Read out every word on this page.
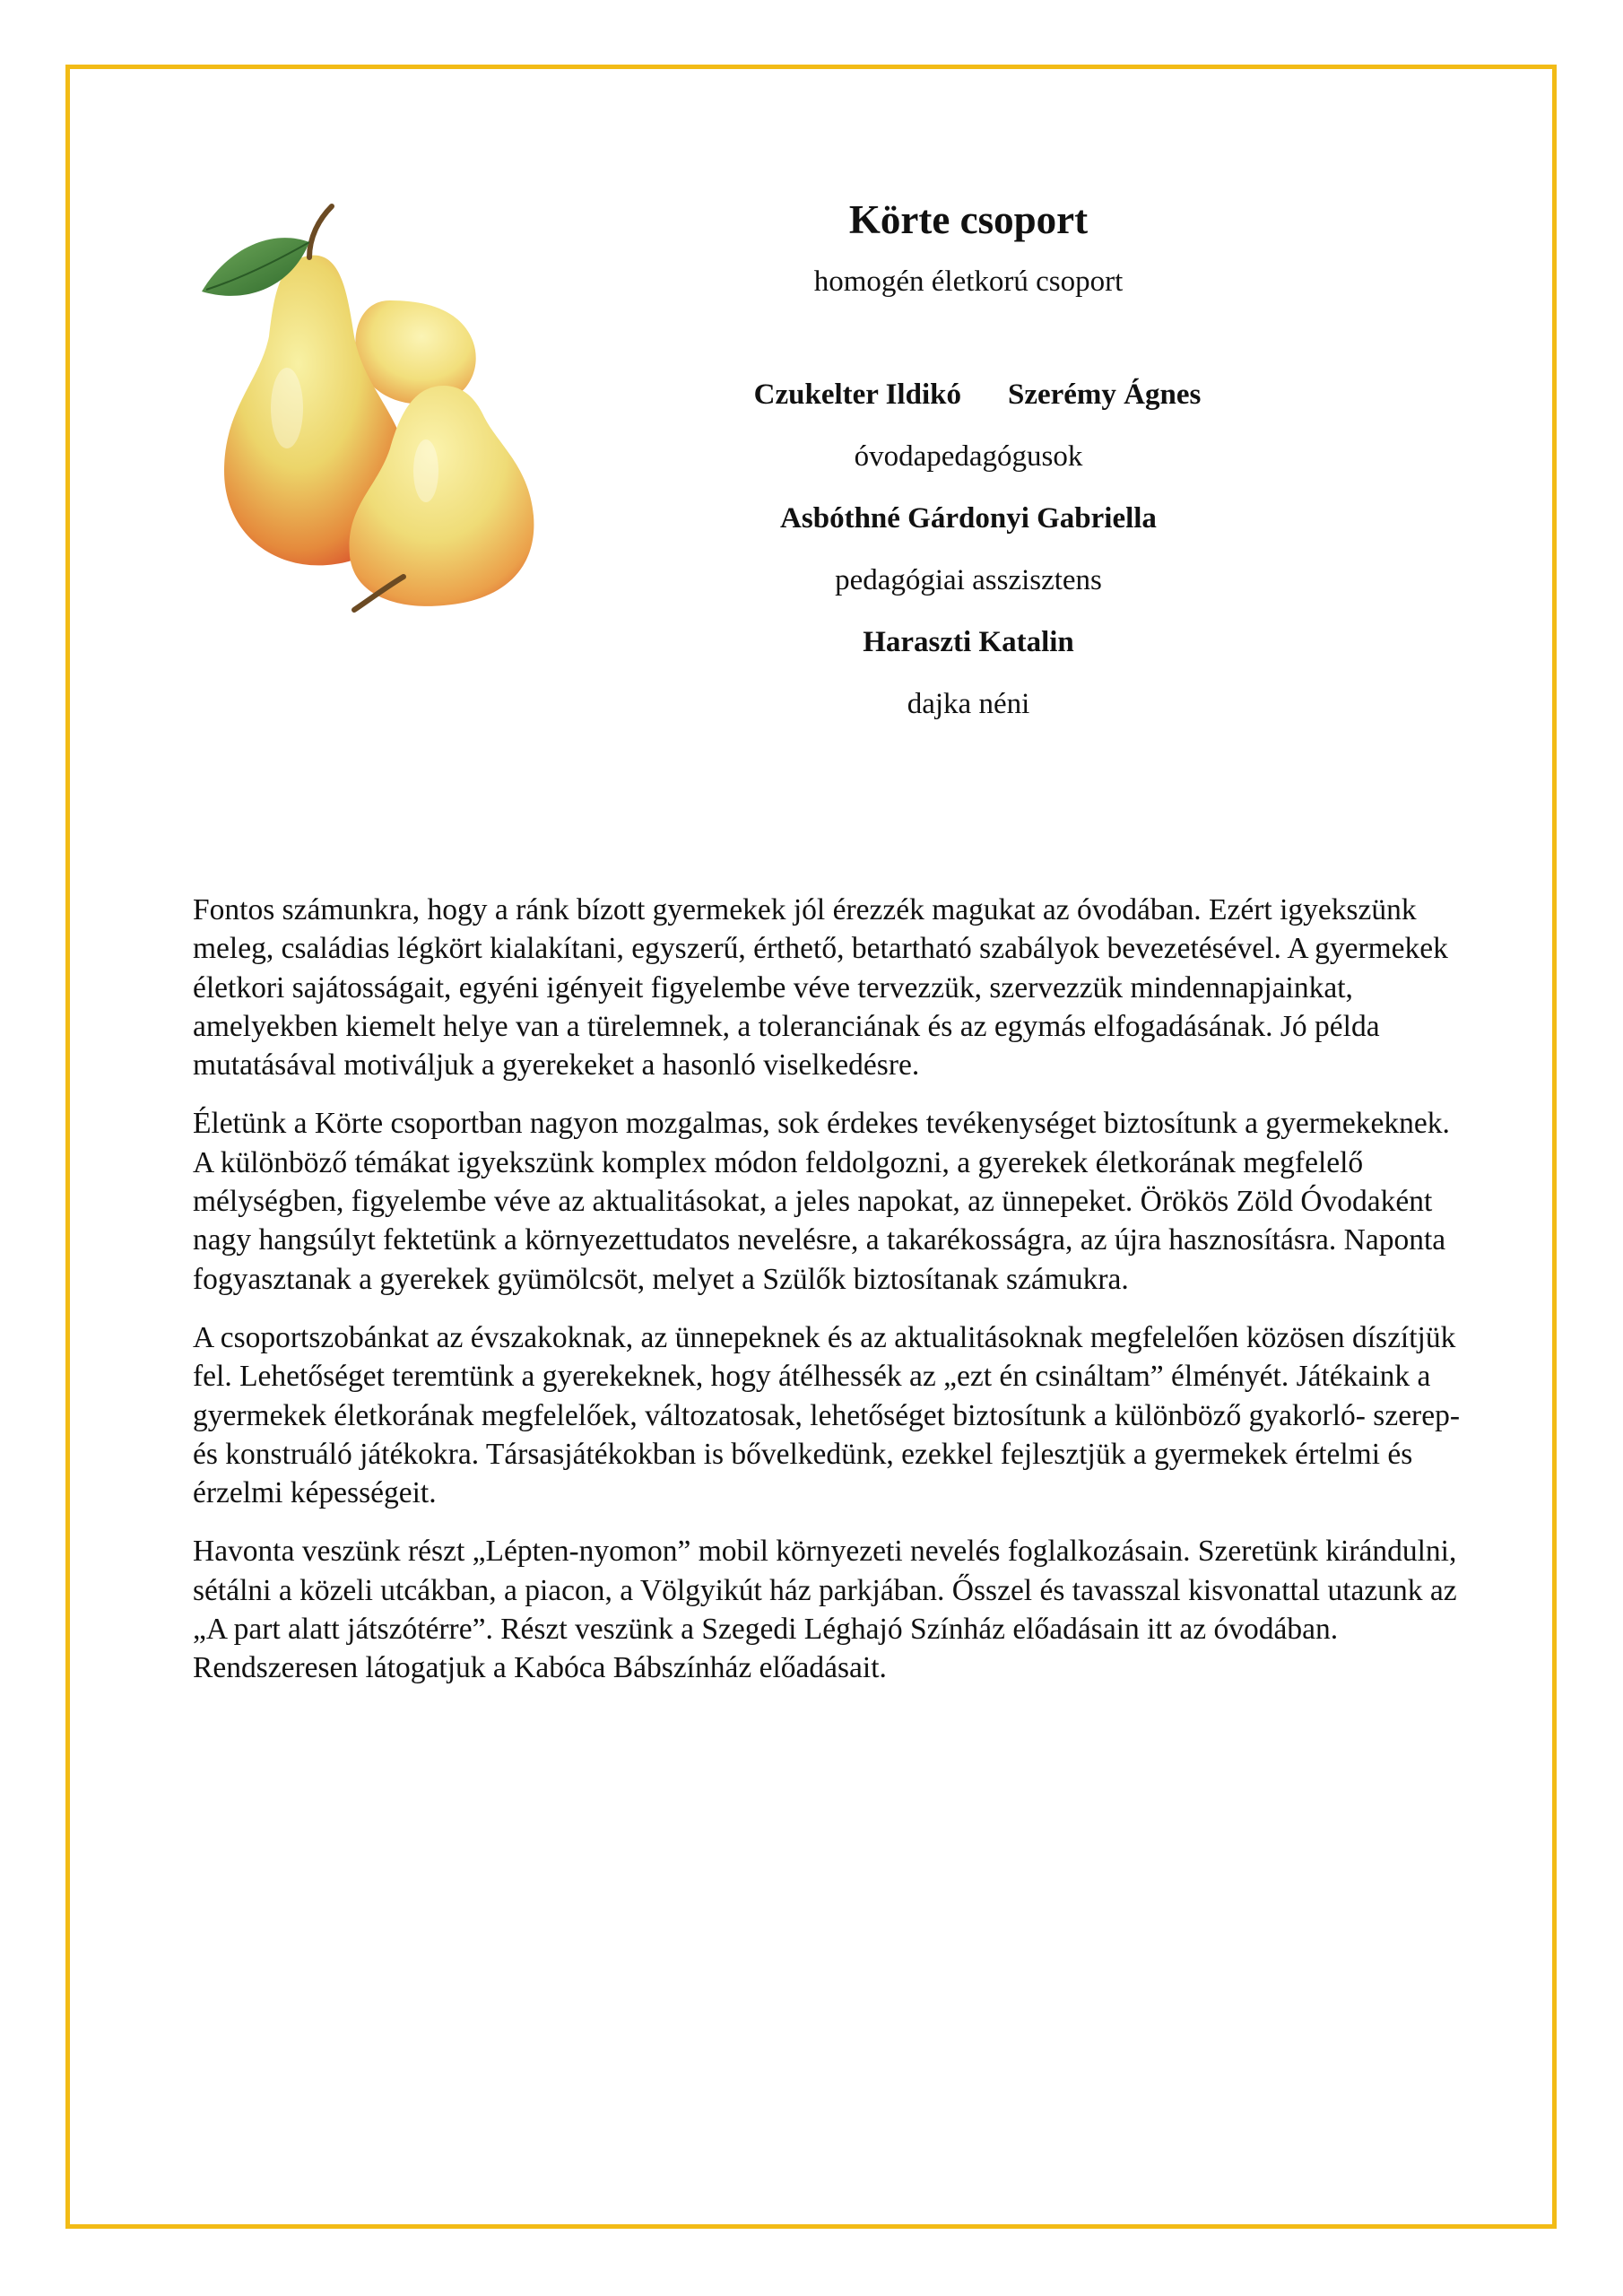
Körte csoport
homogén életkorú csoport
Czukelter Ildikó Szerémy Ágnes
óvodapedagógusok
Asbóthné Gárdonyi Gabriella
pedagógiai asszisztens
Haraszti Katalin
dajka néni

Fontos számunkra, hogy a ránk bízott gyermekek jól érezzék magukat az óvodában. Ezért igyekszünk meleg, családias légkört kialakítani, egyszerű, érthető, betartható szabályok bevezetésével. A gyermekek életkori sajátosságait, egyéni igényeit figyelembe véve tervezzük, szervezzük mindennapjainkat, amelyekben kiemelt helye van a türelemnek, a toleranciának és az egymás elfogadásának. Jó példa mutatásával motiváljuk a gyerekeket a hasonló viselkedésre.

Életünk a Körte csoportban nagyon mozgalmas, sok érdekes tevékenységet biztosítunk a gyermekeknek. A különböző témákat igyekszünk komplex módon feldolgozni, a gyerekek életkorának megfelelő mélységben, figyelembe véve az aktualitásokat, a jeles napokat, az ünnepeket. Örökös Zöld Óvodaként nagy hangsúlyt fektetünk a környezettudatos nevelésre, a takarékosságra, az újra hasznosításra. Naponta fogyasztanak a gyerekek gyümölcsöt, melyet a Szülők biztosítanak számukra.

A csoportszobánkat az évszakoknak, az ünnepeknek és az aktualitásoknak megfelelően közösen díszítjük fel. Lehetőséget teremtünk a gyerekeknek, hogy átélhessék az „ezt én csináltam” élményét. Játékaink a gyermekek életkorának megfelelőek, változatosak, lehetőséget biztosítunk a különböző gyakorló- szerep-és konstruáló játékokra. Társasjátékokban is bővelkedünk, ezekkel fejlesztjük a gyermekek értelmi és érzelmi képességeit.

Havonta veszünk részt „Lépten-nyomon” mobil környezeti nevelés foglalkozásain. Szeretünk kirándulni, sétálni a közeli utcákban, a piacon, a Völgyikút ház parkjában. Ősszel és tavasszal kisvonattal utazunk az „A part alatt játszótérre”. Részt veszünk a Szegedi Léghajó Színház előadásain itt az óvodában. Rendszeresen látogatjuk a Kabóca Bábszínház előadásait.
